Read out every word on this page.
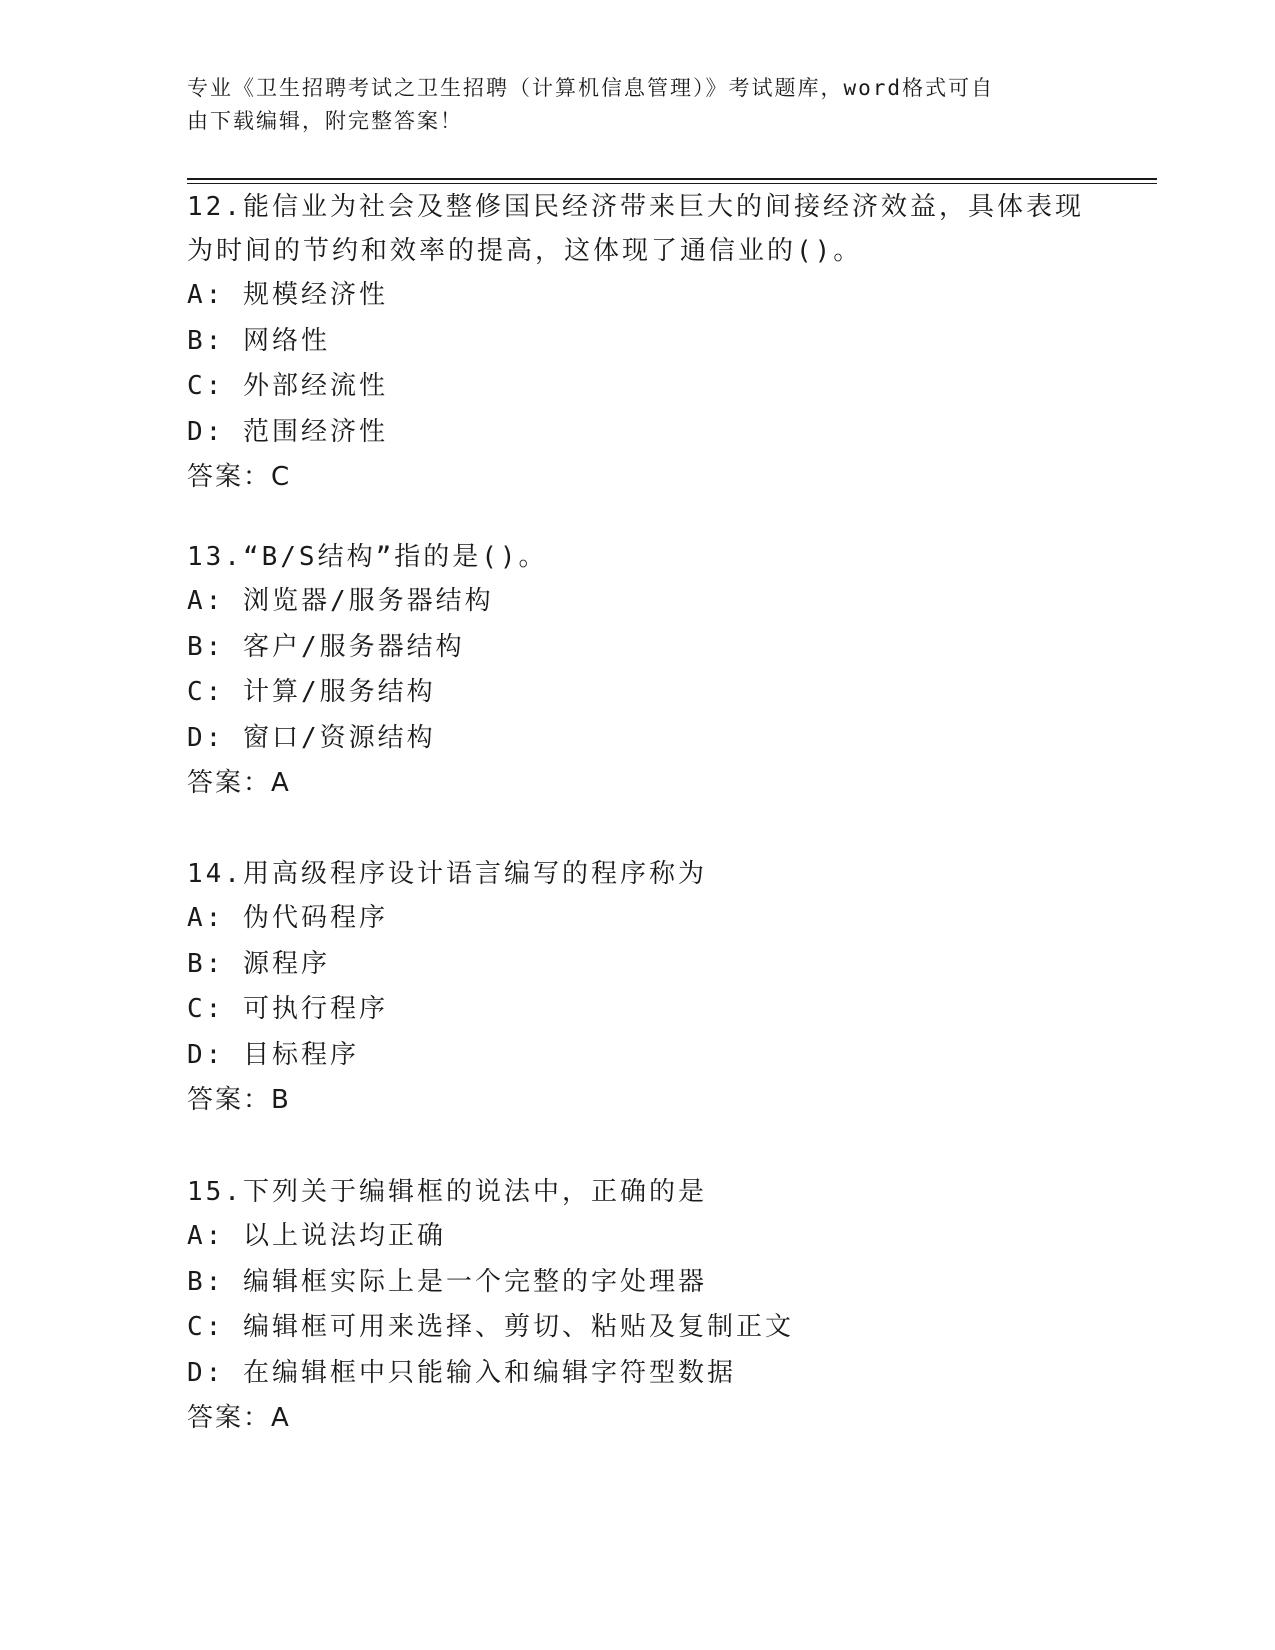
专业《卫生招聘考试之卫生招聘（计算机信息管理）》考试题库，word格式可自
由下载编辑，附完整答案！

12.能信业为社会及整修国民经济带来巨大的间接经济效益，具体表现

为时间的节约和效率的提高，这体现了通信业的()。

A: 规模经济性

B: 网络性

C: 外部经流性

D: 范围经济性

答案：C

13.“B/S结构”指的是()。

A: 浏览器/服务器结构

B: 客户/服务器结构

C: 计算/服务结构

D: 窗口/资源结构

答案：A

14.用高级程序设计语言编写的程序称为

A: 伪代码程序

B: 源程序

C: 可执行程序

D: 目标程序

答案：B

15.下列关于编辑框的说法中，正确的是

A: 以上说法均正确

B: 编辑框实际上是一个完整的字处理器

C: 编辑框可用来选择、剪切、粘贴及复制正文

D: 在编辑框中只能输入和编辑字符型数据

答案：A
